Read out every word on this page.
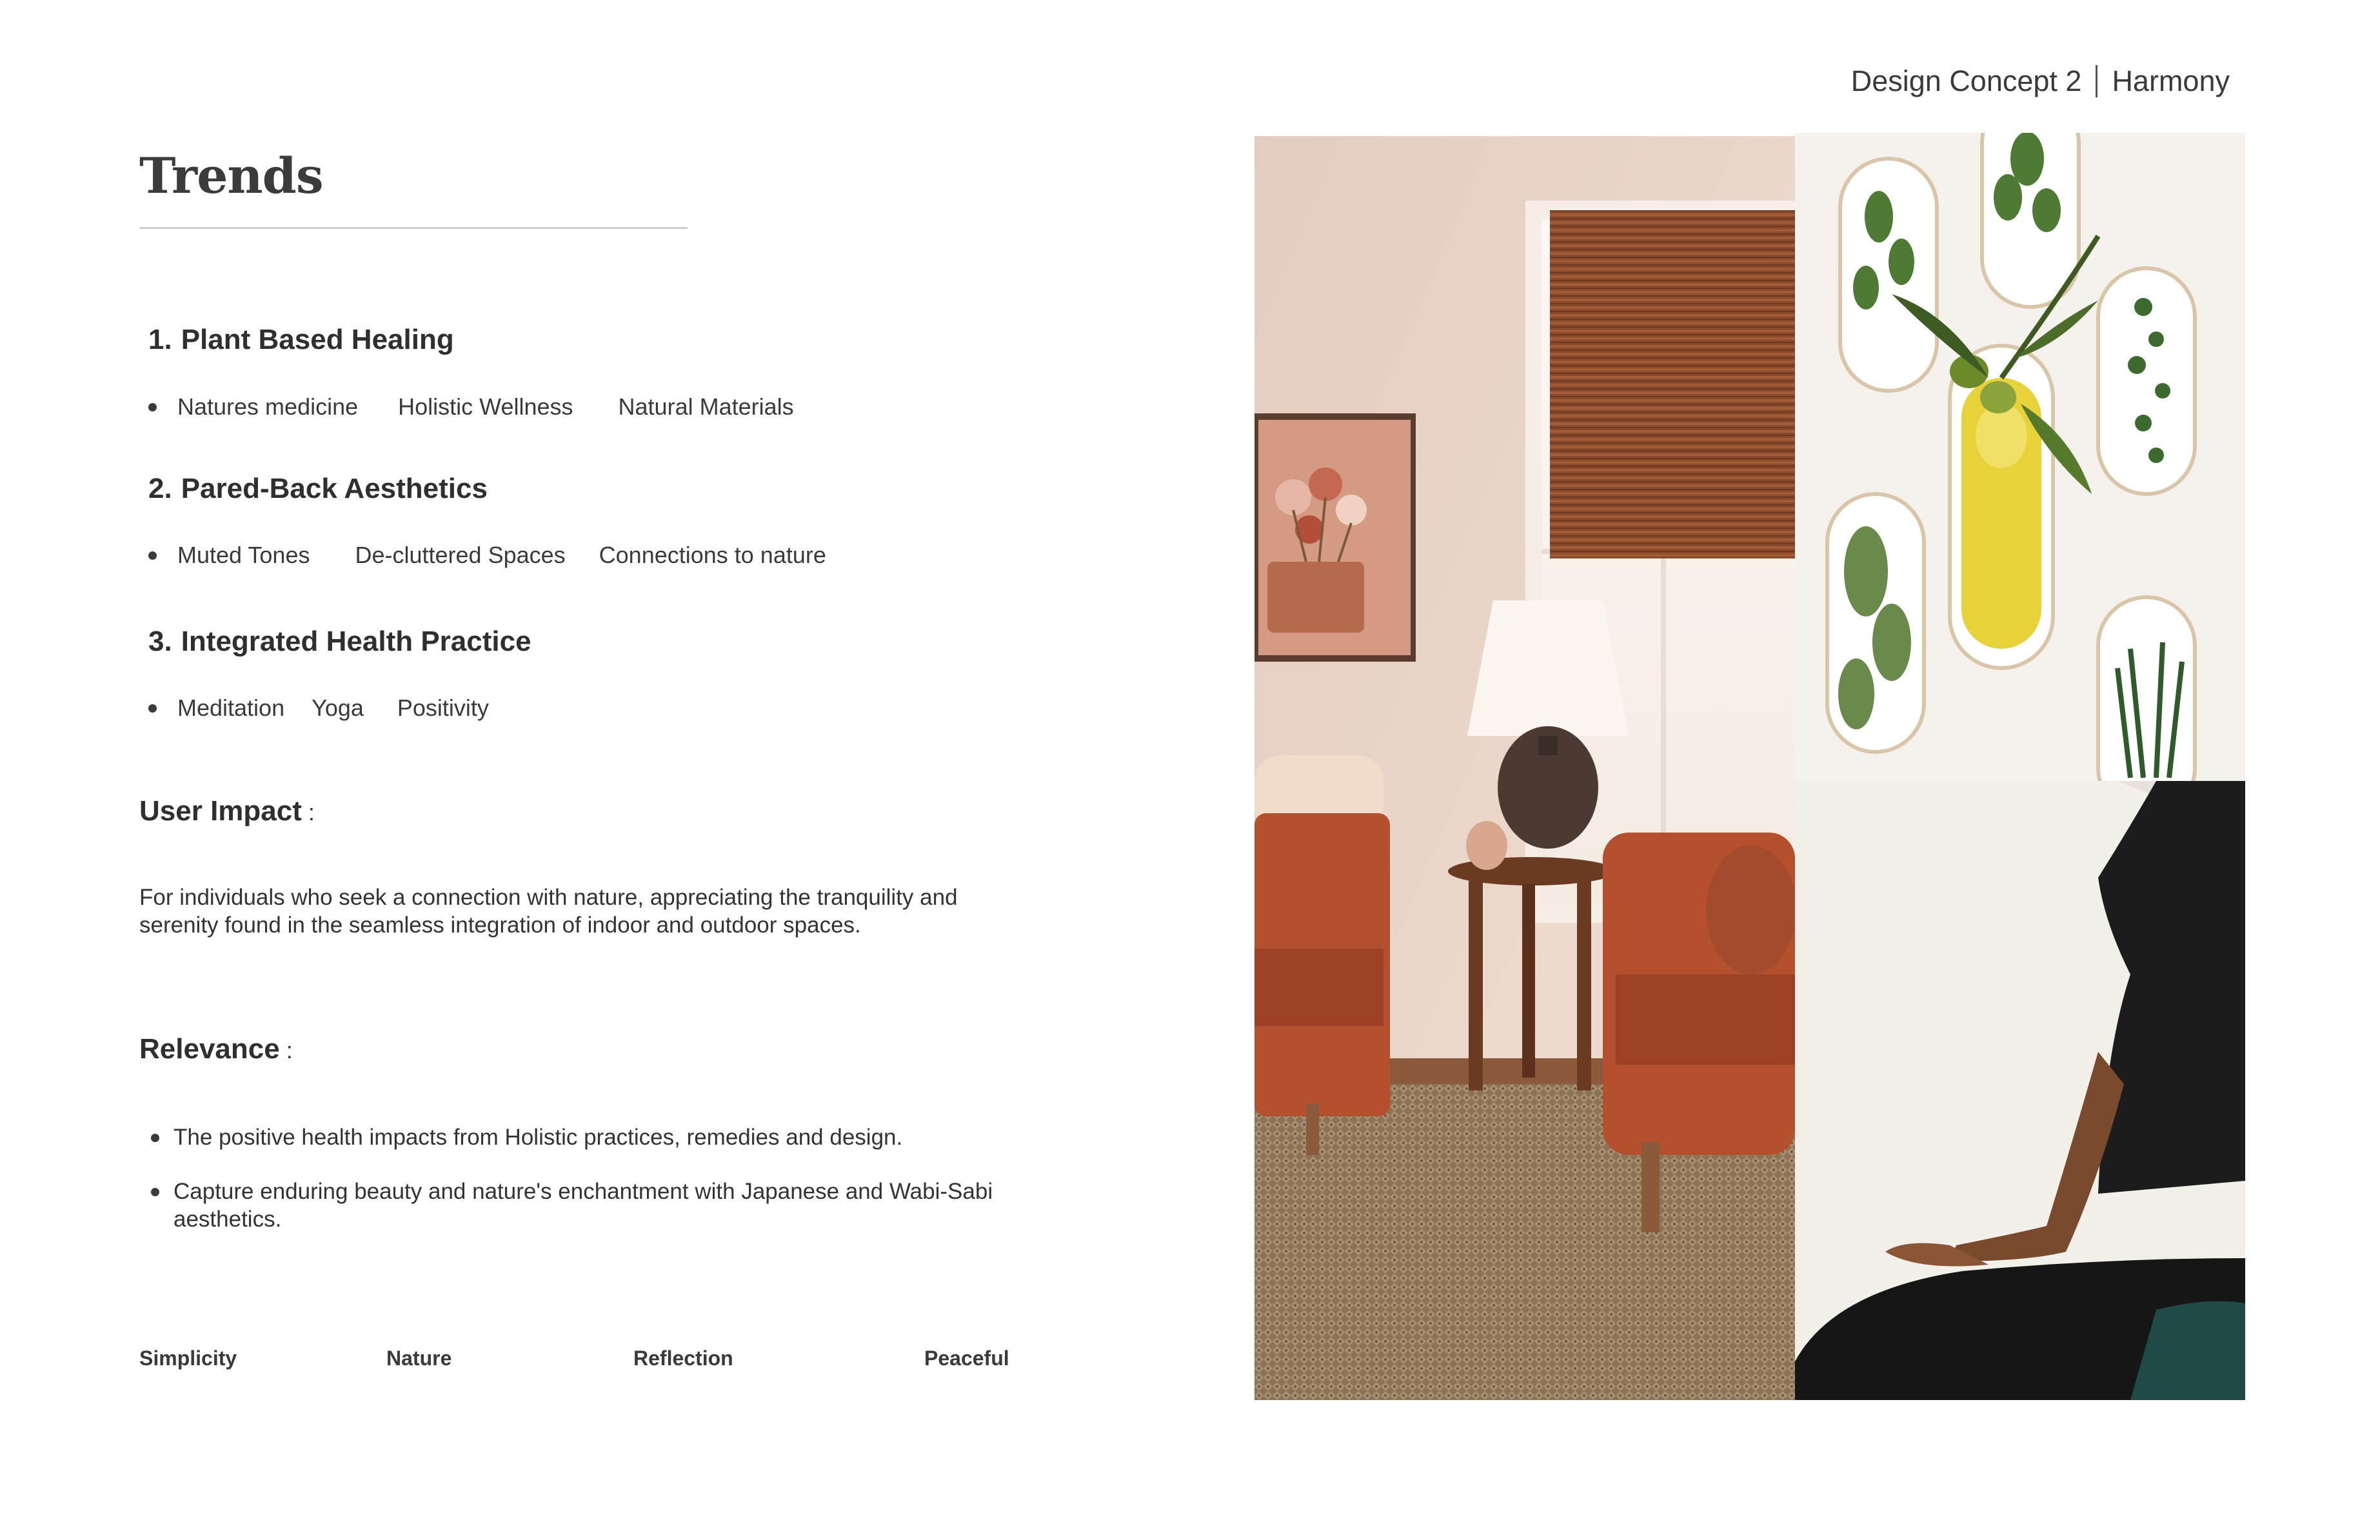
Design Concept 2 Harmony
Trends
1. Plant Based Healing
Natures medicine Holistic Wellness Natural Materials
2. Pared-Back Aesthetics
Muted Tones De-cluttered Spaces Connections to nature
3. Integrated Health Practice
Meditation Yoga Positivity
User Impact :
For individuals who seek a connection with nature, appreciating the tranquility and serenity found in the seamless integration of indoor and outdoor spaces.
Relevance :
The positive health impacts from Holistic practices, remedies and design.
Capture enduring beauty and nature's enchantment with Japanese and Wabi-Sabi aesthetics.
Simplicity	Nature	Reflection	Peaceful
